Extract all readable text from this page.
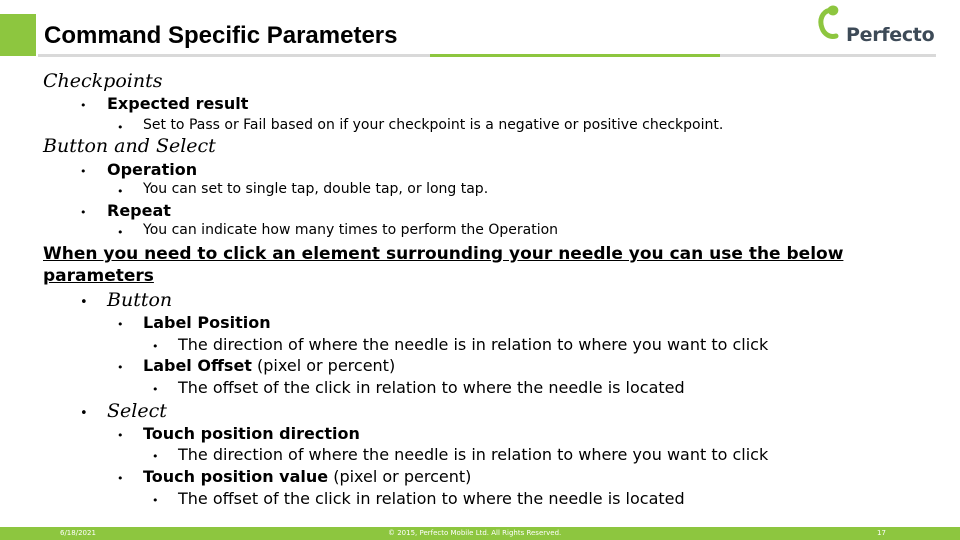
Command Specific Parameters	Perfecto
Checkpoints
• Expected result
• Set to Pass or Fail based on if your checkpoint is a negative or positive checkpoint.
Button and Select
• Operation
• You can set to single tap, double tap, or long tap.
• Repeat
• You can indicate how many times to perform the Operation
When you need to click an element surrounding your needle you can use the below parameters
• Button
• Label Position
• The direction of where the needle is in relation to where you want to click
• Label Offset (pixel or percent)
• The offset of the click in relation to where the needle is located
• Select
• Touch position direction
• The direction of where the needle is in relation to where you want to click
• Touch position value (pixel or percent)
• The offset of the click in relation to where the needle is located
6/18/2021	© 2015, Perfecto Mobile Ltd. All Rights Reserved.	17
